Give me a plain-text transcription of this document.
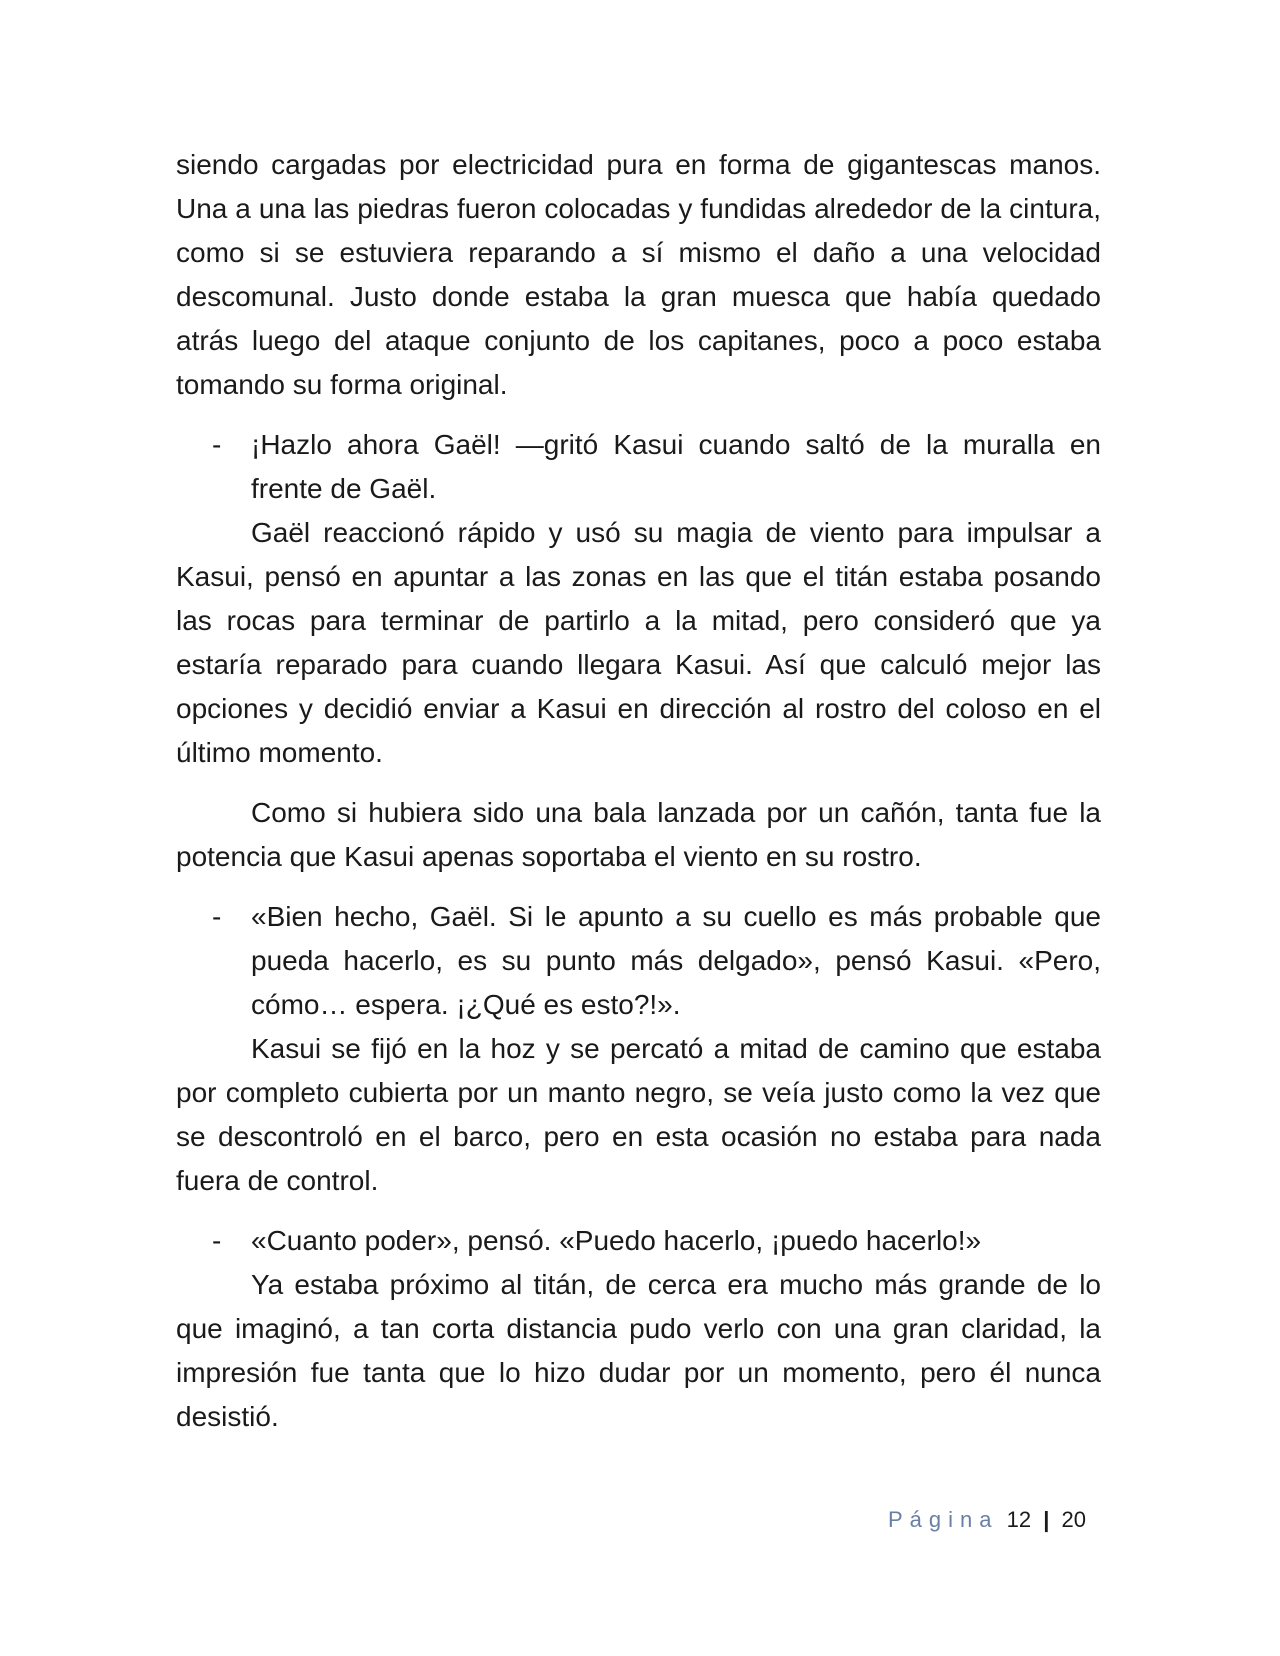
siendo cargadas por electricidad pura en forma de gigantescas manos. Una a una las piedras fueron colocadas y fundidas alrededor de la cintura, como si se estuviera reparando a sí mismo el daño a una velocidad descomunal. Justo donde estaba la gran muesca que había quedado atrás luego del ataque conjunto de los capitanes, poco a poco estaba tomando su forma original.

- ¡Hazlo ahora Gaël! —gritó Kasui cuando saltó de la muralla en frente de Gaël.

Gaël reaccionó rápido y usó su magia de viento para impulsar a Kasui, pensó en apuntar a las zonas en las que el titán estaba posando las rocas para terminar de partirlo a la mitad, pero consideró que ya estaría reparado para cuando llegara Kasui. Así que calculó mejor las opciones y decidió enviar a Kasui en dirección al rostro del coloso en el último momento.

Como si hubiera sido una bala lanzada por un cañón, tanta fue la potencia que Kasui apenas soportaba el viento en su rostro.

- «Bien hecho, Gaël. Si le apunto a su cuello es más probable que pueda hacerlo, es su punto más delgado», pensó Kasui. «Pero, cómo… espera. ¡¿Qué es esto?!».

Kasui se fijó en la hoz y se percató a mitad de camino que estaba por completo cubierta por un manto negro, se veía justo como la vez que se descontroló en el barco, pero en esta ocasión no estaba para nada fuera de control.

- «Cuanto poder», pensó. «Puedo hacerlo, ¡puedo hacerlo!»

Ya estaba próximo al titán, de cerca era mucho más grande de lo que imaginó, a tan corta distancia pudo verlo con una gran claridad, la impresión fue tanta que lo hizo dudar por un momento, pero él nunca desistió.

Página 12 | 20
